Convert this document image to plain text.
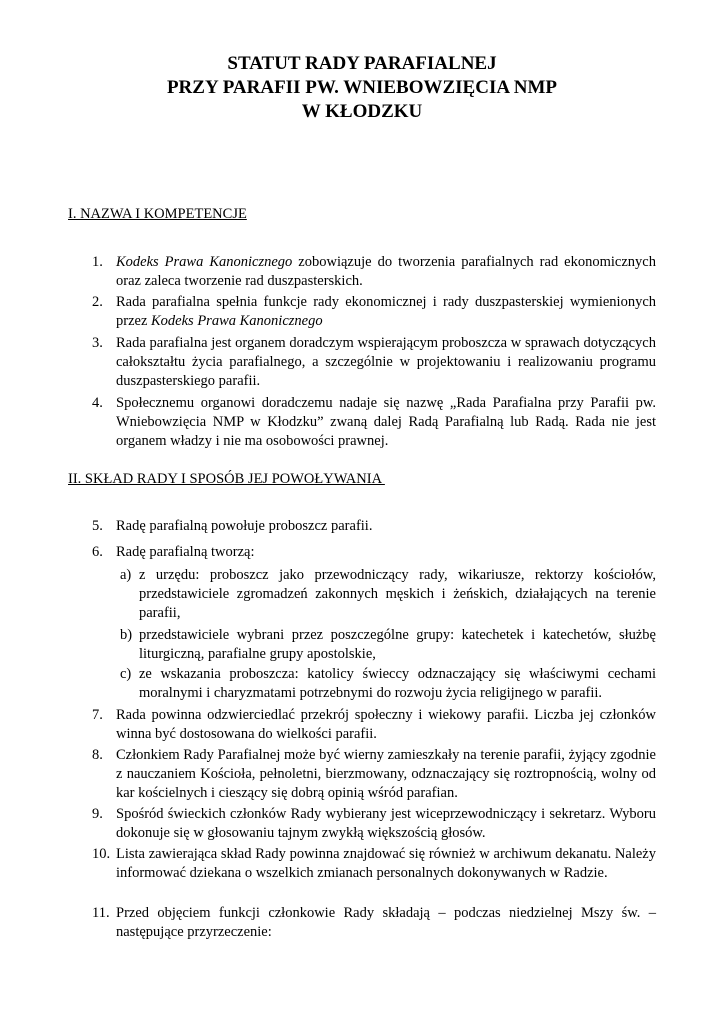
STATUT RADY PARAFIALNEJ
PRZY PARAFII PW. WNIEBOWZIĘCIA NMP
W KŁODZKU
I. NAZWA I KOMPETENCJE
1. Kodeks Prawa Kanonicznego zobowiązuje do tworzenia parafialnych rad ekonomicznych oraz zaleca tworzenie rad duszpasterskich.
2. Rada parafialna spełnia funkcje rady ekonomicznej i rady duszpasterskiej wymienionych przez Kodeks Prawa Kanonicznego
3. Rada parafialna jest organem doradczym wspierającym proboszcza w sprawach dotyczących całokształtu życia parafialnego, a szczególnie w projektowaniu i realizowaniu programu duszpasterskiego parafii.
4. Społecznemu organowi doradczemu nadaje się nazwę „Rada Parafialna przy Parafii pw. Wniebowzięcia NMP w Kłodzku” zwaną dalej Radą Parafialną lub Radą. Rada nie jest organem władzy i nie ma osobowości prawnej.
II. SKŁAD RADY I SPOSÓB JEJ POWOŁYWANIA
5. Radę parafialną powołuje proboszcz parafii.
6. Radę parafialną tworzą:
a) z urzędu: proboszcz jako przewodniczący rady, wikariusze, rektorzy kościołów, przedstawiciele zgromadzeń zakonnych męskich i żeńskich, działających na terenie parafii,
b) przedstawiciele wybrani przez poszczególne grupy: katechetek i katechetów, służbę liturgiczną, parafialne grupy apostolskie,
c) ze wskazania proboszcza: katolicy świeccy odznaczający się właściwymi cechami moralnymi i charyzmatami potrzebnymi do rozwoju życia religijnego w parafii.
7. Rada powinna odzwierciedlać przekrój społeczny i wiekowy parafii. Liczba jej członków winna być dostosowana do wielkości parafii.
8. Członkiem Rady Parafialnej może być wierny zamieszkały na terenie parafii, żyjący zgodnie z nauczaniem Kościoła, pełnoletni, bierzmowany, odznaczający się roztropnością, wolny od kar kościelnych i cieszący się dobrą opinią wśród parafian.
9. Spośród świeckich członków Rady wybierany jest wiceprzewodniczący i sekretarz. Wyboru dokonuje się w głosowaniu tajnym zwykłą większością głosów.
10. Lista zawierająca skład Rady powinna znajdować się również w archiwum dekanatu. Należy informować dziekana o wszelkich zmianach personalnych dokonywanych w Radzie.
11. Przed objęciem funkcji członkowie Rady składają – podczas niedzielnej Mszy św. – następujące przyrzeczenie:
